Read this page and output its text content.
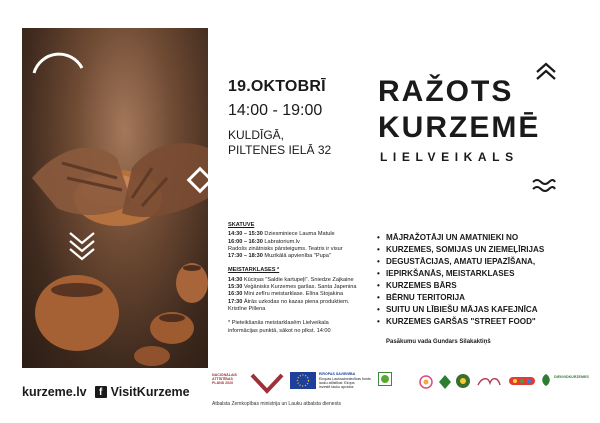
19.OKTOBRĪ
14:00 - 19:00
KULDĪGĀ,
PILTENES IELĀ 32
RAŽOTS
KURZEMĒ
LIELVEIKALS
SKATUVE
14:30 – 15:30 Dziesminiece Lauma Matule
16:00 – 16:30 Labratorium.lv
Radošs zinātnisks pārsteigums. Teatris ir visur
17:30 – 18:30 Muzikālā apvienība "Pupa"
MEISTARKLASES *
14:30 Kūciņas "Saldie kartupeļi". Sniedze Zajkaine
15:30 Veģānisks Kurzemes garšas. Santa Japenina
16:30 Mini zefīru meistarklase. Elīna Stojakina
17:30 Ātrās uzkodas no kazas piena produktiem.
Kristīne Pillena
* Pieteikšanās meistarklasēm Lielveikala
informācijas punktā, sākot no plkst. 14:00
• MĀJRAŽOTĀJI UN AMATNIEKI NO
• KURZEMES, SOMIJAS UN ZIEMEĻĪRIJAS
• DEGUSTĀCIJAS, AMATU IEPAZĪŠANA,
• IEPIRKŠANĀS, MEISTARKLASES
• KURZEMES BĀRS
• BĒRNU TERITORIJA
• SUITU UN LĪBIEŠU MĀJAS KAFEJNĪCA
• KURZEMES GARŠAS "STREET FOOD"
Pasākumu vada Gundars Silakaktiņš
kurzeme.lv	f VisitKurzeme
NACIONĀLAIS ATTĪSTĪBAS PLĀNS 2020
EIROPAS SAVIENĪBA
Eiropas Lauksaimniecības fonds
lauku attīstībai: Eiropa
investē lauku apvidos
DIENVIDKURZEMES
Atbalsta Zemkopības ministrija un Lauku atbalsta dienests
